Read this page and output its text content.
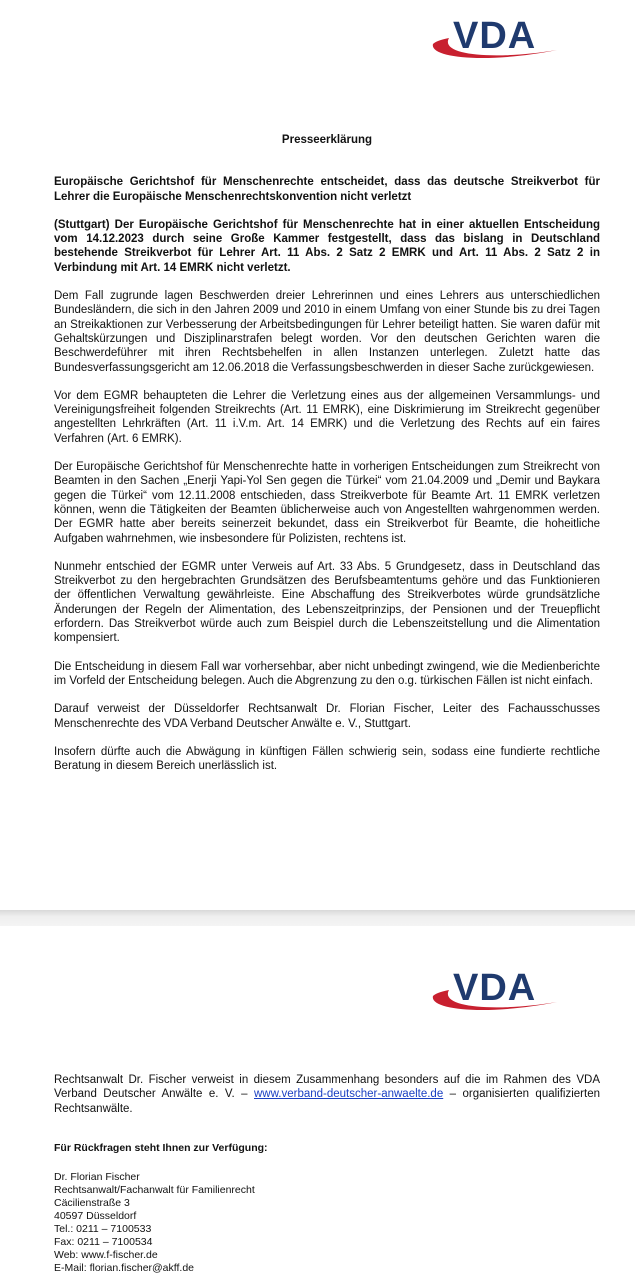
VDA

Presseerklärung

Europäische Gerichtshof für Menschenrechte entscheidet, dass das deutsche Streikverbot für Lehrer die Europäische Menschenrechtskonvention nicht verletzt

(Stuttgart) Der Europäische Gerichtshof für Menschenrechte hat in einer aktuellen Entscheidung vom 14.12.2023 durch seine Große Kammer festgestellt, dass das bislang in Deutschland bestehende Streikverbot für Lehrer Art. 11 Abs. 2 Satz 2 EMRK und Art. 11 Abs. 2 Satz 2 in Verbindung mit Art. 14 EMRK nicht verletzt.

Dem Fall zugrunde lagen Beschwerden dreier Lehrerinnen und eines Lehrers aus unterschiedlichen Bundesländern, die sich in den Jahren 2009 und 2010 in einem Umfang von einer Stunde bis zu drei Tagen an Streikaktionen zur Verbesserung der Arbeitsbedingungen für Lehrer beteiligt hatten. Sie waren dafür mit Gehaltskürzungen und Disziplinarstrafen belegt worden. Vor den deutschen Gerichten waren die Beschwerdeführer mit ihren Rechtsbehelfen in allen Instanzen unterlegen. Zuletzt hatte das Bundesverfassungsgericht am 12.06.2018 die Verfassungsbeschwerden in dieser Sache zurückgewiesen.

Vor dem EGMR behaupteten die Lehrer die Verletzung eines aus der allgemeinen Versammlungs- und Vereinigungsfreiheit folgenden Streikrechts (Art. 11 EMRK), eine Diskrimierung im Streikrecht gegenüber angestellten Lehrkräften (Art. 11 i.V.m. Art. 14 EMRK) und die Verletzung des Rechts auf ein faires Verfahren (Art. 6 EMRK).

Der Europäische Gerichtshof für Menschenrechte hatte in vorherigen Entscheidungen zum Streikrecht von Beamten in den Sachen „Enerji Yapi-Yol Sen gegen die Türkei“ vom 21.04.2009 und „Demir und Baykara gegen die Türkei“ vom 12.11.2008 entschieden, dass Streikverbote für Beamte Art. 11 EMRK verletzen können, wenn die Tätigkeiten der Beamten üblicherweise auch von Angestellten wahrgenommen werden. Der EGMR hatte aber bereits seinerzeit bekundet, dass ein Streikverbot für Beamte, die hoheitliche Aufgaben wahrnehmen, wie insbesondere für Polizisten, rechtens ist.

Nunmehr entschied der EGMR unter Verweis auf Art. 33 Abs. 5 Grundgesetz, dass in Deutschland das Streikverbot zu den hergebrachten Grundsätzen des Berufsbeamtentums gehöre und das Funktionieren der öffentlichen Verwaltung gewährleiste. Eine Abschaffung des Streikverbotes würde grundsätzliche Änderungen der Regeln der Alimentation, des Lebenszeitprinzips, der Pensionen und der Treuepflicht erfordern. Das Streikverbot würde auch zum Beispiel durch die Lebenszeitstellung und die Alimentation kompensiert.

Die Entscheidung in diesem Fall war vorhersehbar, aber nicht unbedingt zwingend, wie die Medienberichte im Vorfeld der Entscheidung belegen. Auch die Abgrenzung zu den o.g. türkischen Fällen ist nicht einfach.

Darauf verweist der Düsseldorfer Rechtsanwalt Dr. Florian Fischer, Leiter des Fachausschusses Menschenrechte des VDA Verband Deutscher Anwälte e. V., Stuttgart.

Insofern dürfte auch die Abwägung in künftigen Fällen schwierig sein, sodass eine fundierte rechtliche Beratung in diesem Bereich unerlässlich ist.

VDA

Rechtsanwalt Dr. Fischer verweist in diesem Zusammenhang besonders auf die im Rahmen des VDA Verband Deutscher Anwälte e. V. – www.verband-deutscher-anwaelte.de – organisierten qualifizierten Rechtsanwälte.

Für Rückfragen steht Ihnen zur Verfügung:

Dr. Florian Fischer

Rechtsanwalt/Fachanwalt für Familienrecht

Cäcilienstraße 3

40597 Düsseldorf

Tel.: 0211 – 7100533

Fax: 0211 – 7100534

Web: www.f-fischer.de

E-Mail: florian.fischer@akff.de
